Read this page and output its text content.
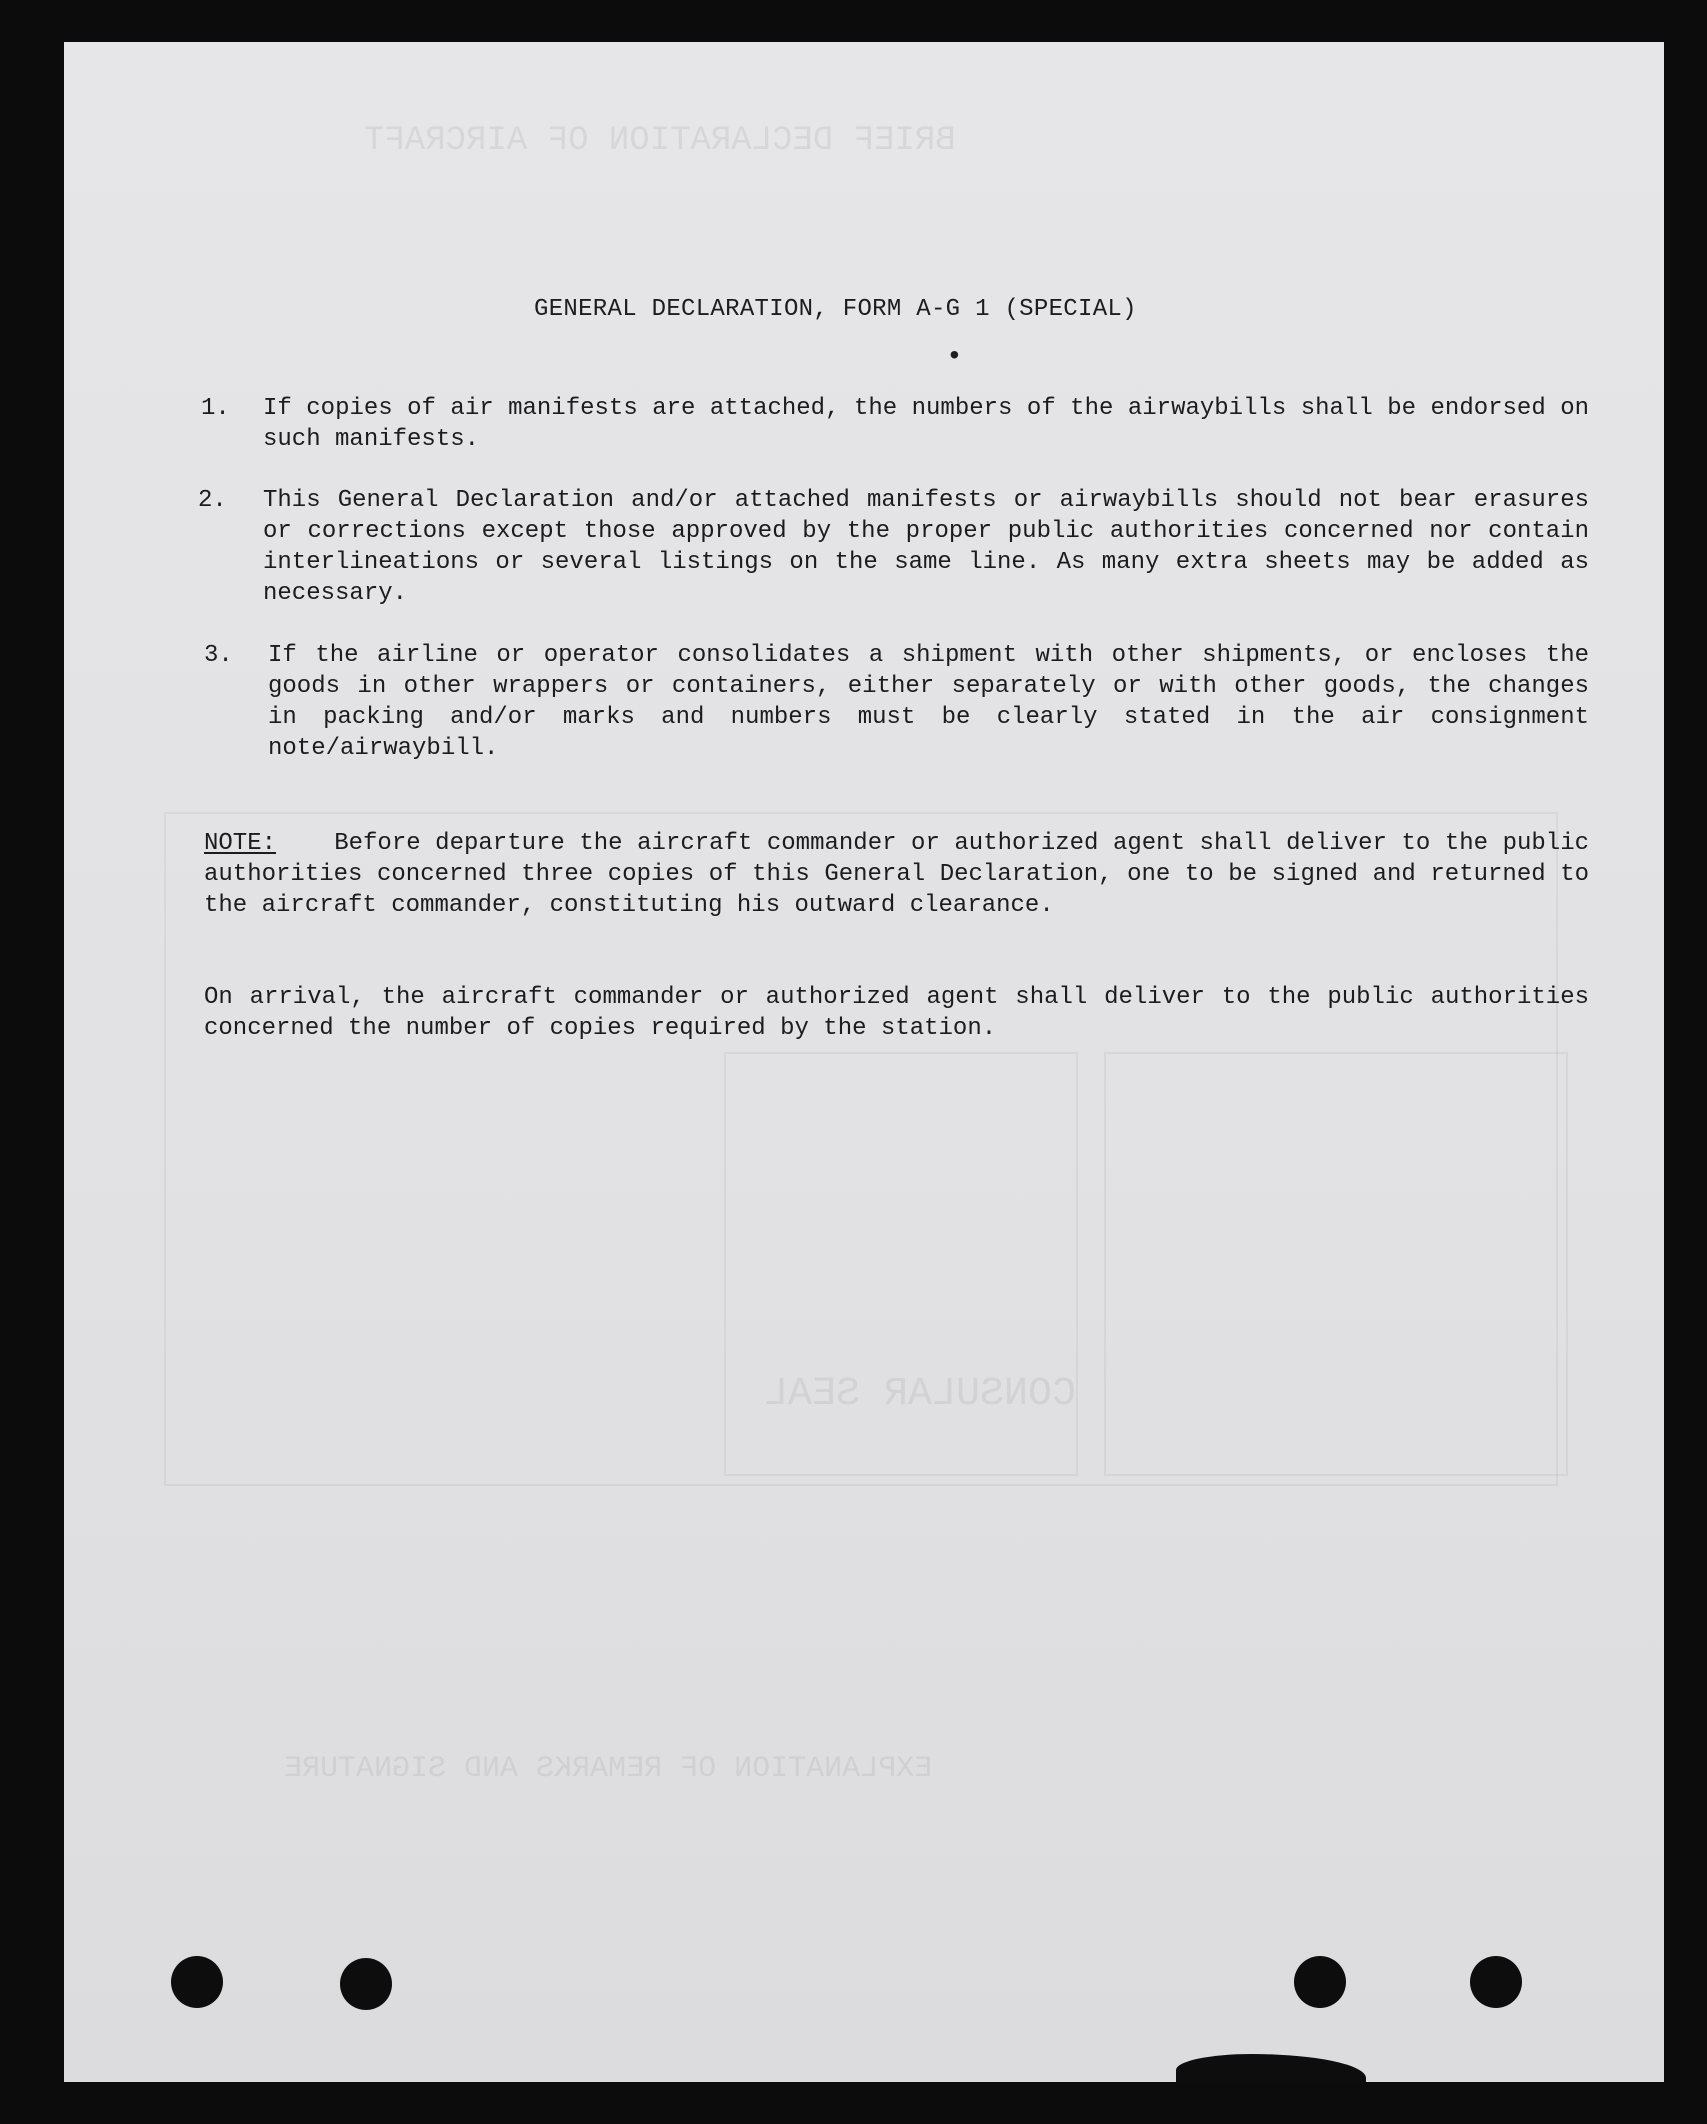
BRIEF DECLARATION OF AIRCRAFT
CONSULAR SEAL
EXPLANATION OF REMARKS AND SIGNATURE
GENERAL DECLARATION, FORM A-G 1 (SPECIAL)
•
1. If copies of air manifests are attached, the numbers of the airwaybills shall be endorsed on such manifests.
2. This General Declaration and/or attached manifests or airwaybills should not bear erasures or corrections except those approved by the proper public authorities concerned nor contain interlineations or several listings on the same line. As many extra sheets may be added as necessary.
3. If the airline or operator consolidates a shipment with other shipments, or encloses the goods in other wrappers or containers, either separately or with other goods, the changes in packing and/or marks and numbers must be clearly stated in the air consignment note/airwaybill.
NOTE: Before departure the aircraft commander or authorized agent shall deliver to the public authorities concerned three copies of this General Declaration, one to be signed and returned to the aircraft commander, constituting his outward clearance.
On arrival, the aircraft commander or authorized agent shall deliver to the public authorities concerned the number of copies required by the station.
